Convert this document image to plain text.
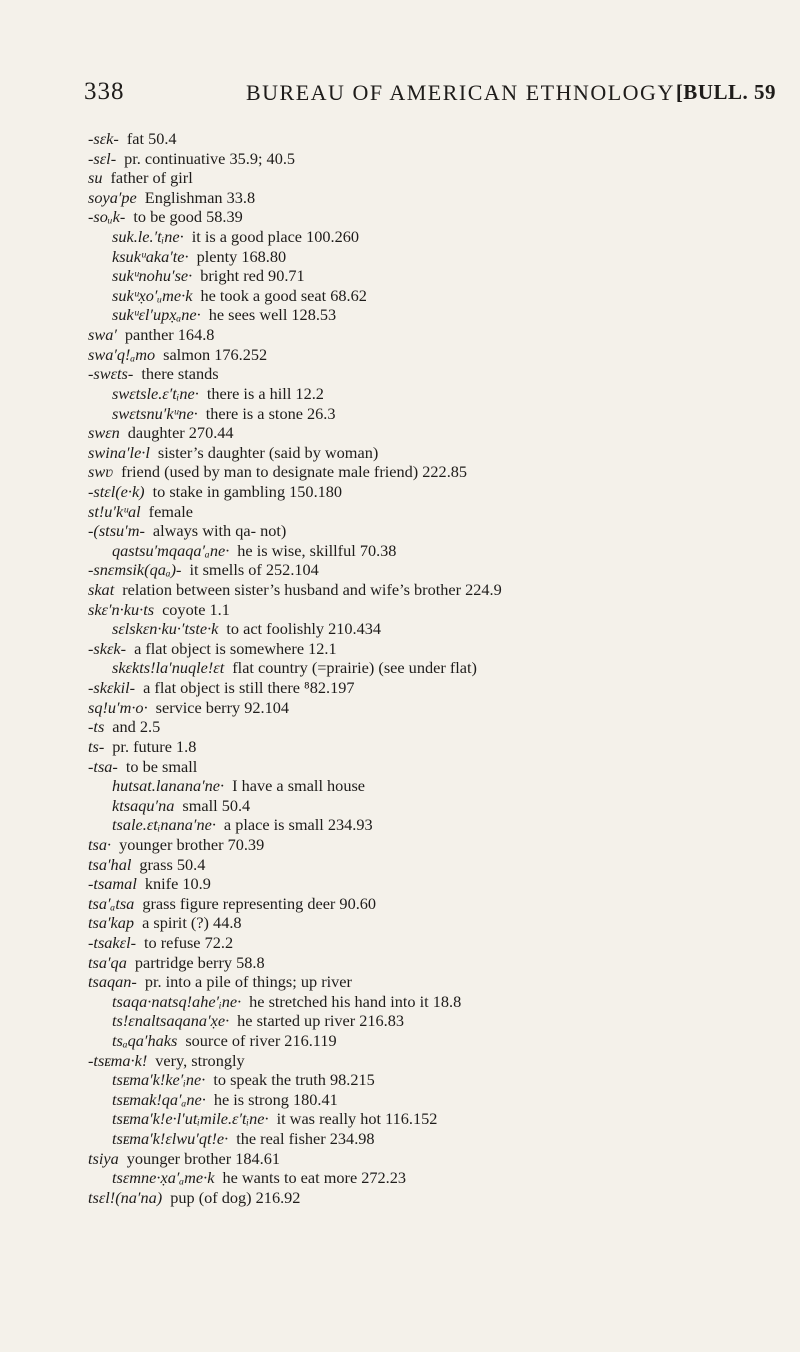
338	BUREAU OF AMERICAN ETHNOLOGY [BULL. 59
-sɛk- fat 50.4
-sɛl- pr. continuative 35.9; 40.5
su father of girl
soya′pe Englishman 33.8
-soᵤk- to be good 58.39
suk.le.′tᵢne· it is a good place 100.260
ksukᵘaka′te· plenty 168.80
sukᵘnohu′se· bright red 90.71
sukᵘx̣o′ᵤme·k he took a good seat 68.62
sukᵘɛl′upx̣ₐne· he sees well 128.53
swa′ panther 164.8
swa′q!ₐmo salmon 176.252
-swɛts- there stands
swɛtsle.ɛ′tᵢne· there is a hill 12.2
swɛtsnu′kᵘne· there is a stone 26.3
swɛn daughter 270.44
swina′le·l sister’s daughter (said by woman)
swʋ friend (used by man to designate male friend) 222.85
-stɛl(e·k) to stake in gambling 150.180
st!u′kᵘal female
-(stsu′m- always with qa- not)
qastsu′mqaqa′ₐne· he is wise, skillful 70.38
-snɛmsik(qaₐ)- it smells of 252.104
skat relation between sister’s husband and wife’s brother 224.9
skɛ′n·ku·ts coyote 1.1
sɛlskɛn·ku·′tste·k to act foolishly 210.434
-skɛk- a flat object is somewhere 12.1
skɛkts!la′nuqle!ɛt flat country (=prairie) (see under flat)
-skɛkil- a flat object is still there ⁸82.197
sq!u′m·o· service berry 92.104
-ts and 2.5
ts- pr. future 1.8
-tsa- to be small
hutsat.lanana′ne· I have a small house
ktsaqu′na small 50.4
tsale.ɛtᵢnana′ne· a place is small 234.93
tsa· younger brother 70.39
tsa′hal grass 50.4
-tsamal knife 10.9
tsa′ₐtsa grass figure representing deer 90.60
tsa′kap a spirit (?) 44.8
-tsakɛl- to refuse 72.2
tsa′qa partridge berry 58.8
tsaqan- pr. into a pile of things; up river
tsaqa·natsq!ahe′ᵢne· he stretched his hand into it 18.8
ts!ɛnaltsaqana′x̣e· he started up river 216.83
tsₐqa′haks source of river 216.119
-tsᴇma·k! very, strongly
tsᴇma′k!ke′ᵢne· to speak the truth 98.215
tsᴇmak!qa′ₐne· he is strong 180.41
tsᴇma′k!e·l′utᵢmile.ɛ′tᵢne· it was really hot 116.152
tsᴇma′k!ɛlwu′qt!e· the real fisher 234.98
tsiya younger brother 184.61
tsɛmne·x̣a′ₐme·k he wants to eat more 272.23
tsɛl!(na′na) pup (of dog) 216.92
